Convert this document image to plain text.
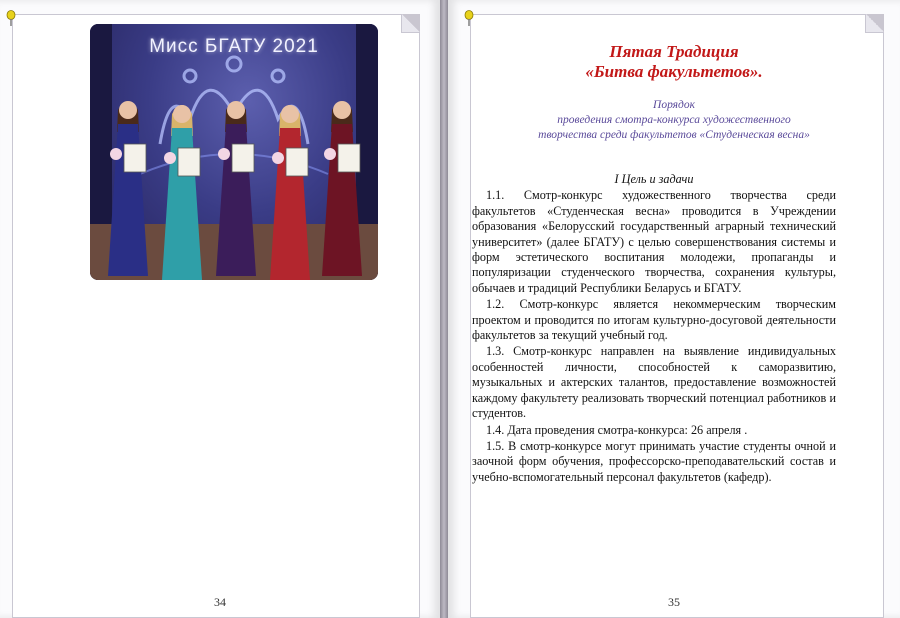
Мисс БГАТУ 2021
34
Пятая Традиция
«Битва факультетов».
Порядок
проведения смотра-конкурса художественного
творчества среди факультетов «Студенческая весна»
I Цель и задачи

1.1. Смотр-конкурс художественного творчества среди факультетов «Студенческая весна» проводится в Учреждении образования «Белорусский государственный аграрный технический университет» (далее БГАТУ) с целью совершенствования системы и форм эстетического воспитания молодежи, пропаганды и популяризации студенческого творчества, сохранения культуры, обычаев и традиций Республики Беларусь и БГАТУ.

1.2. Смотр-конкурс является некоммерческим творческим проектом и проводится по итогам культурно-досуговой деятельности факультетов за текущий учебный год.

1.3. Смотр-конкурс направлен на выявление индивидуальных особенностей личности, способностей к саморазвитию, музыкальных и актерских талантов, предоставление возможностей каждому факультету реализовать творческий потенциал работников и студентов.

1.4. Дата проведения смотра-конкурса: 26 апреля .

1.5. В смотр-конкурсе могут принимать участие студенты очной и заочной форм обучения, профессорско-преподавательский состав и учебно-вспомогательный персонал факультетов (кафедр).

35
